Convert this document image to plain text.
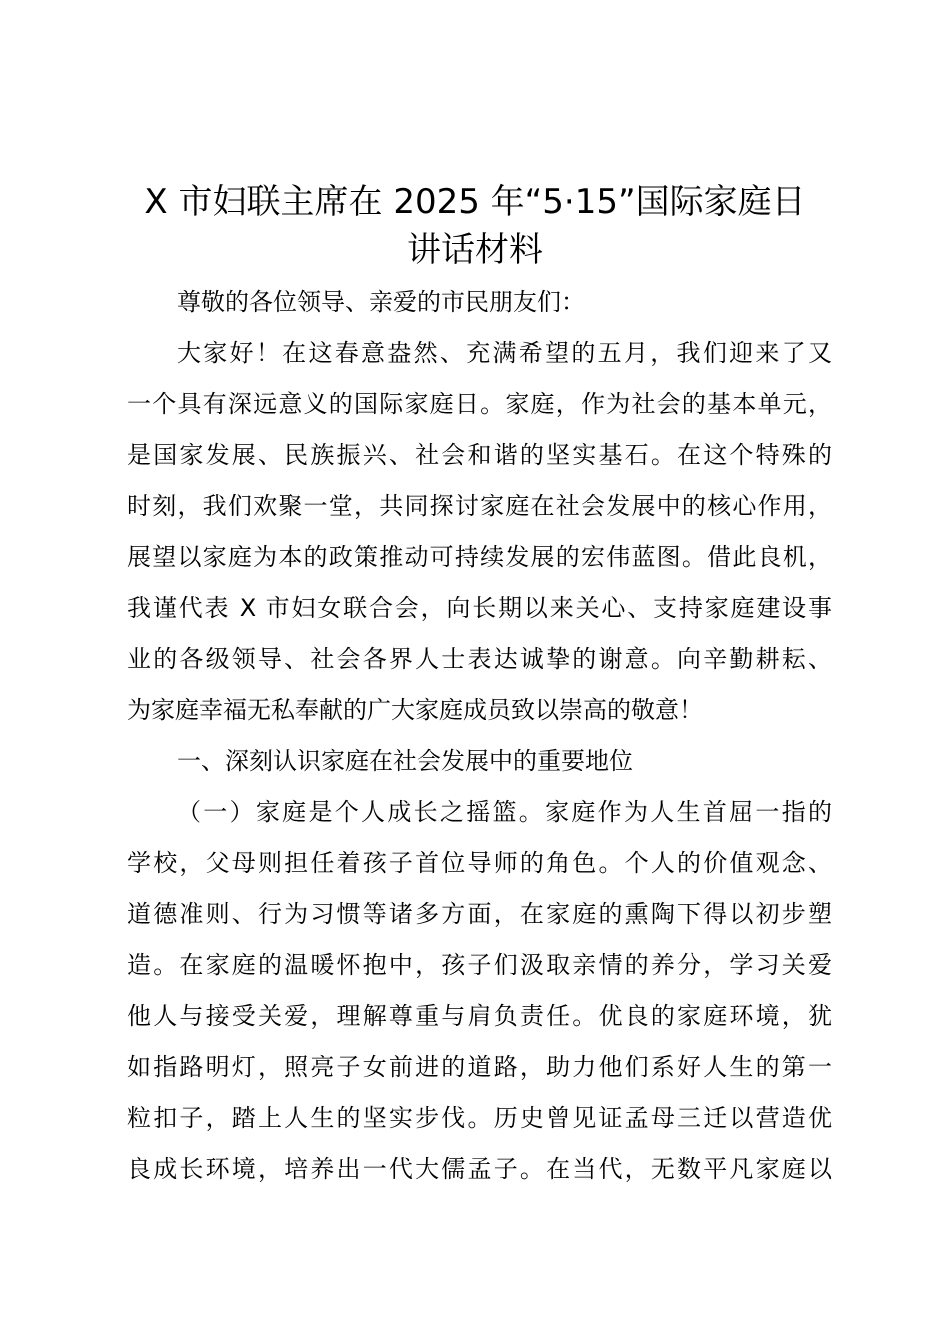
X 市妇联主席在 2025 年“5·15”国际家庭日
讲话材料
尊敬的各位领导、亲爱的市民朋友们：
大家好！在这春意盎然、充满希望的五月，我们迎来了又
一个具有深远意义的国际家庭日。家庭，作为社会的基本单元，
是国家发展、民族振兴、社会和谐的坚实基石。在这个特殊的
时刻，我们欢聚一堂，共同探讨家庭在社会发展中的核心作用，
展望以家庭为本的政策推动可持续发展的宏伟蓝图。借此良机，
我谨代表 X 市妇女联合会，向长期以来关心、支持家庭建设事
业的各级领导、社会各界人士表达诚挚的谢意。向辛勤耕耘、
为家庭幸福无私奉献的广大家庭成员致以崇高的敬意！
一、深刻认识家庭在社会发展中的重要地位
（一）家庭是个人成长之摇篮。家庭作为人生首屈一指的
学校，父母则担任着孩子首位导师的角色。个人的价值观念、
道德准则、行为习惯等诸多方面，在家庭的熏陶下得以初步塑
造。在家庭的温暖怀抱中，孩子们汲取亲情的养分，学习关爱
他人与接受关爱，理解尊重与肩负责任。优良的家庭环境，犹
如指路明灯，照亮子女前进的道路，助力他们系好人生的第一
粒扣子，踏上人生的坚实步伐。历史曾见证孟母三迁以营造优
良成长环境，培养出一代大儒孟子。在当代，无数平凡家庭以
